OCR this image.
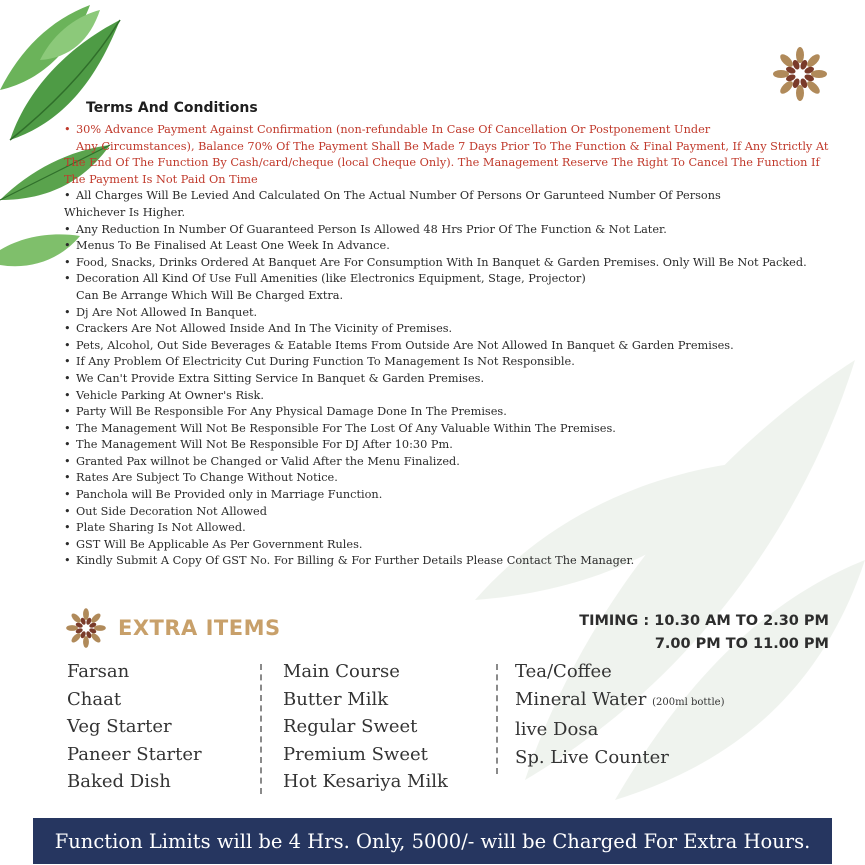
Terms And Conditions
• 30% Advance Payment Against Confirmation (non-refundable In Case Of Cancellation Or Postponement Under
Any Circumstances), Balance 70% Of The Payment Shall Be Made 7 Days Prior To The Function & Final Payment, If Any Strictly At
The End Of The Function By Cash/card/cheque (local Cheque Only). The Management Reserve The Right To Cancel The Function If
The Payment Is Not Paid On Time
• All Charges Will Be Levied And Calculated On The Actual Number Of Persons Or Garunteed Number Of Persons
Whichever Is Higher.
• Any Reduction In Number Of Guaranteed Person Is Allowed 48 Hrs Prior Of The Function & Not Later.
• Menus To Be Finalised At Least One Week In Advance.
• Food, Snacks, Drinks Ordered At Banquet Are For Consumption With In Banquet & Garden Premises. Only Will Be Not Packed.
• Decoration All Kind Of Use Full Amenities (like Electronics Equipment, Stage, Projector)
Can Be Arrange Which Will Be Charged Extra.
• Dj Are Not Allowed In Banquet.
• Crackers Are Not Allowed Inside And In The Vicinity of Premises.
• Pets, Alcohol, Out Side Beverages & Eatable Items From Outside Are Not Allowed In Banquet & Garden Premises.
• If Any Problem Of Electricity Cut During Function To Management Is Not Responsible.
• We Can't Provide Extra Sitting Service In Banquet & Garden Premises.
• Vehicle Parking At Owner's Risk.
• Party Will Be Responsible For Any Physical Damage Done In The Premises.
• The Management Will Not Be Responsible For The Lost Of Any Valuable Within The Premises.
• The Management Will Not Be Responsible For DJ After 10:30 Pm.
• Granted Pax willnot be Changed or Valid After the Menu Finalized.
• Rates Are Subject To Change Without Notice.
• Panchola will Be Provided only in Marriage Function.
• Out Side Decoration Not Allowed
• Plate Sharing Is Not Allowed.
• GST Will Be Applicable As Per Government Rules.
• Kindly Submit A Copy Of GST No. For Billing & For Further Details Please Contact The Manager.
EXTRA ITEMS	TIMING : 10.30 AM TO 2.30 PM
7.00 PM TO 11.00 PM
Farsan
Chaat
Veg Starter
Paneer Starter
Baked Dish
Main Course
Butter Milk
Regular Sweet
Premium Sweet
Hot Kesariya Milk
Tea/Coffee
Mineral Water (200ml bottle)
live Dosa
Sp. Live Counter
Function Limits will be 4 Hrs. Only, 5000/- will be Charged For Extra Hours.
